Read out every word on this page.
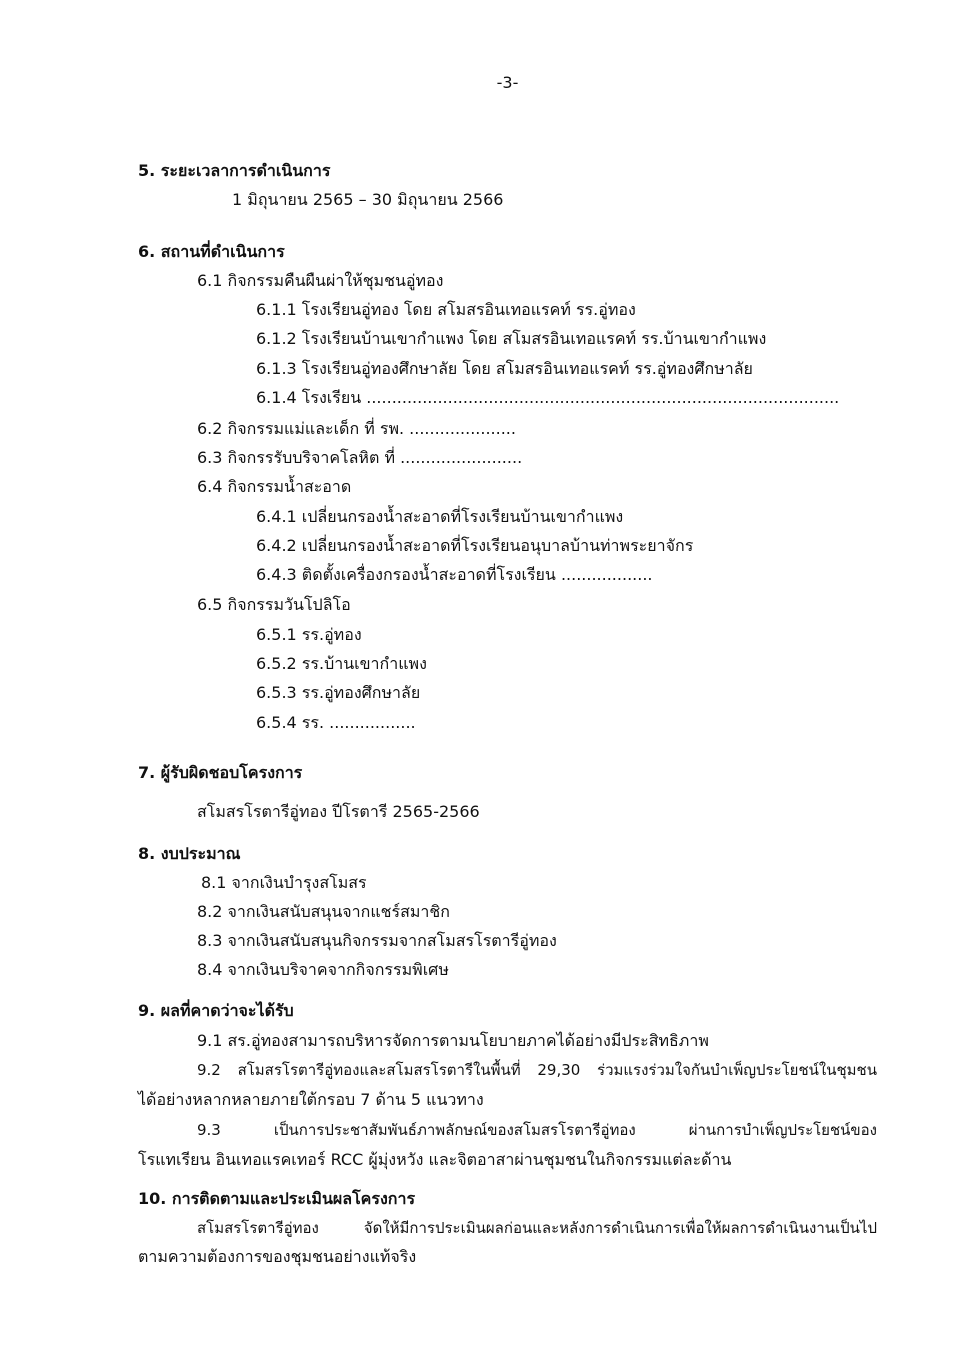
-3-
5. ระยะเวลาการดำเนินการ
1 มิถุนายน 2565 – 30 มิถุนายน 2566
6. สถานที่ดำเนินการ
6.1 กิจกรรมคืนผืนผ่าให้ชุมชนอู่ทอง
6.1.1 โรงเรียนอู่ทอง โดย สโมสรอินเทอแรคท์ รร.อู่ทอง
6.1.2 โรงเรียนบ้านเขากำแพง โดย สโมสรอินเทอแรคท์ รร.บ้านเขากำแพง
6.1.3 โรงเรียนอู่ทองศึกษาลัย โดย สโมสรอินเทอแรคท์ รร.อู่ทองศึกษาลัย
6.1.4 โรงเรียน .............................................................................................
6.2 กิจกรรมแม่และเด็ก ที่ รพ. .....................
6.3 กิจกรรรับบริจาคโลหิต ที่ ........................
6.4 กิจกรรมน้ำสะอาด
6.4.1 เปลี่ยนกรองน้ำสะอาดที่โรงเรียนบ้านเขากำแพง
6.4.2 เปลี่ยนกรองน้ำสะอาดที่โรงเรียนอนุบาลบ้านท่าพระยาจักร
6.4.3 ติดตั้งเครื่องกรองน้ำสะอาดที่โรงเรียน ..................
6.5 กิจกรรมวันโปลิโอ
6.5.1 รร.อู่ทอง
6.5.2 รร.บ้านเขากำแพง
6.5.3 รร.อู่ทองศึกษาลัย
6.5.4 รร. .................
7. ผู้รับผิดชอบโครงการ
สโมสรโรตารีอู่ทอง ปีโรตารี 2565-2566
8. งบประมาณ
8.1 จากเงินบำรุงสโมสร
8.2 จากเงินสนับสนุนจากแชร์สมาชิก
8.3 จากเงินสนับสนุนกิจกรรมจากสโมสรโรตารีอู่ทอง
8.4 จากเงินบริจาคจากกิจกรรมพิเศษ
9. ผลที่คาดว่าจะได้รับ
9.1 สร.อู่ทองสามารถบริหารจัดการตามนโยบายภาคได้อย่างมีประสิทธิภาพ
9.2 สโมสรโรตารีอู่ทองและสโมสรโรตารีในพื้นที่ 29,30 ร่วมแรงร่วมใจกันบำเพ็ญประโยชน์ในชุมชน
ได้อย่างหลากหลายภายใต้กรอบ 7 ด้าน 5 แนวทาง
9.3 เป็นการประชาสัมพันธ์ภาพลักษณ์ของสโมสรโรตารีอู่ทอง ผ่านการบำเพ็ญประโยชน์ของ
โรแทเรียน อินเทอแรคเทอร์ RCC ผู้มุ่งหวัง และจิตอาสาผ่านชุมชนในกิจกรรมแต่ละด้าน
10. การติดตามและประเมินผลโครงการ
สโมสรโรตารีอู่ทอง จัดให้มีการประเมินผลก่อนและหลังการดำเนินการเพื่อให้ผลการดำเนินงานเป็นไป
ตามความต้องการของชุมชนอย่างแท้จริง
